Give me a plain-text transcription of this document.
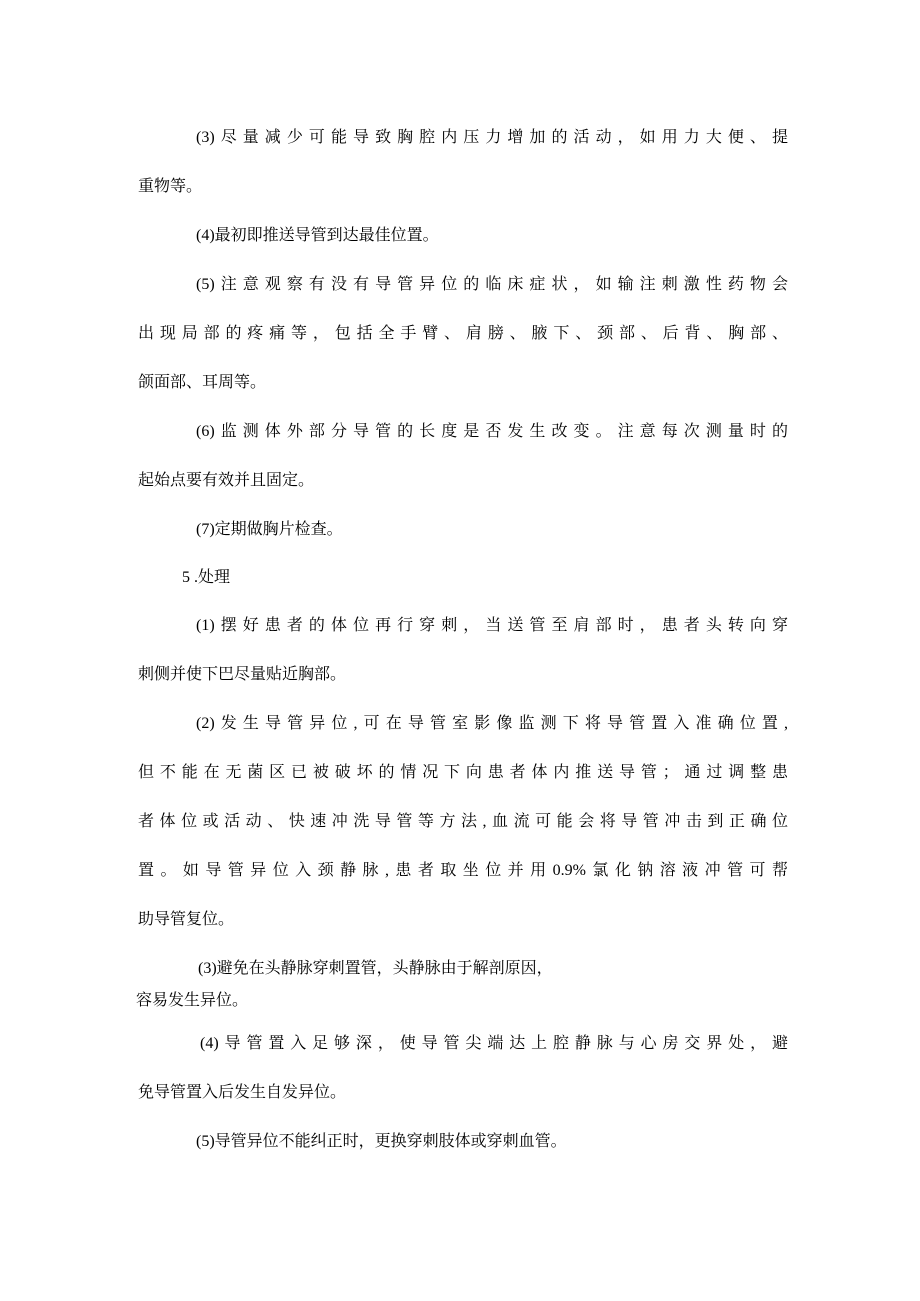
(3)尽量减少可能导致胸腔内压力增加的活动，如用力大便、提
重物等。
(4)最初即推送导管到达最佳位置。
(5)注意观察有没有导管异位的临床症状，如输注刺激性药物会
出现局部的疼痛等，包括全手臂、肩膀、腋下、颈部、后背、胸部、
颌面部、耳周等。
(6)监测体外部分导管的长度是否发生改变。注意每次测量时的
起始点要有效并且固定。
(7)定期做胸片检查。
5 .处理
(1)摆好患者的体位再行穿刺，当送管至肩部时，患者头转向穿
刺侧并使下巴尽量贴近胸部。
(2)发生导管异位,可在导管室影像监测下将导管置入准确位置,
但不能在无菌区已被破坏的情况下向患者体内推送导管；通过调整患
者体位或活动、快速冲洗导管等方法,血流可能会将导管冲击到正确位
置。如导管异位入颈静脉,患者取坐位并用0.9%氯化钠溶液冲管可帮
助导管复位。
(3)避免在头静脉穿刺置管，头静脉由于解剖原因，
容易发生异位。
(4)导管置入足够深，使导管尖端达上腔静脉与心房交界处，避
免导管置入后发生自发异位。
(5)导管异位不能纠正时，更换穿刺肢体或穿刺血管。
